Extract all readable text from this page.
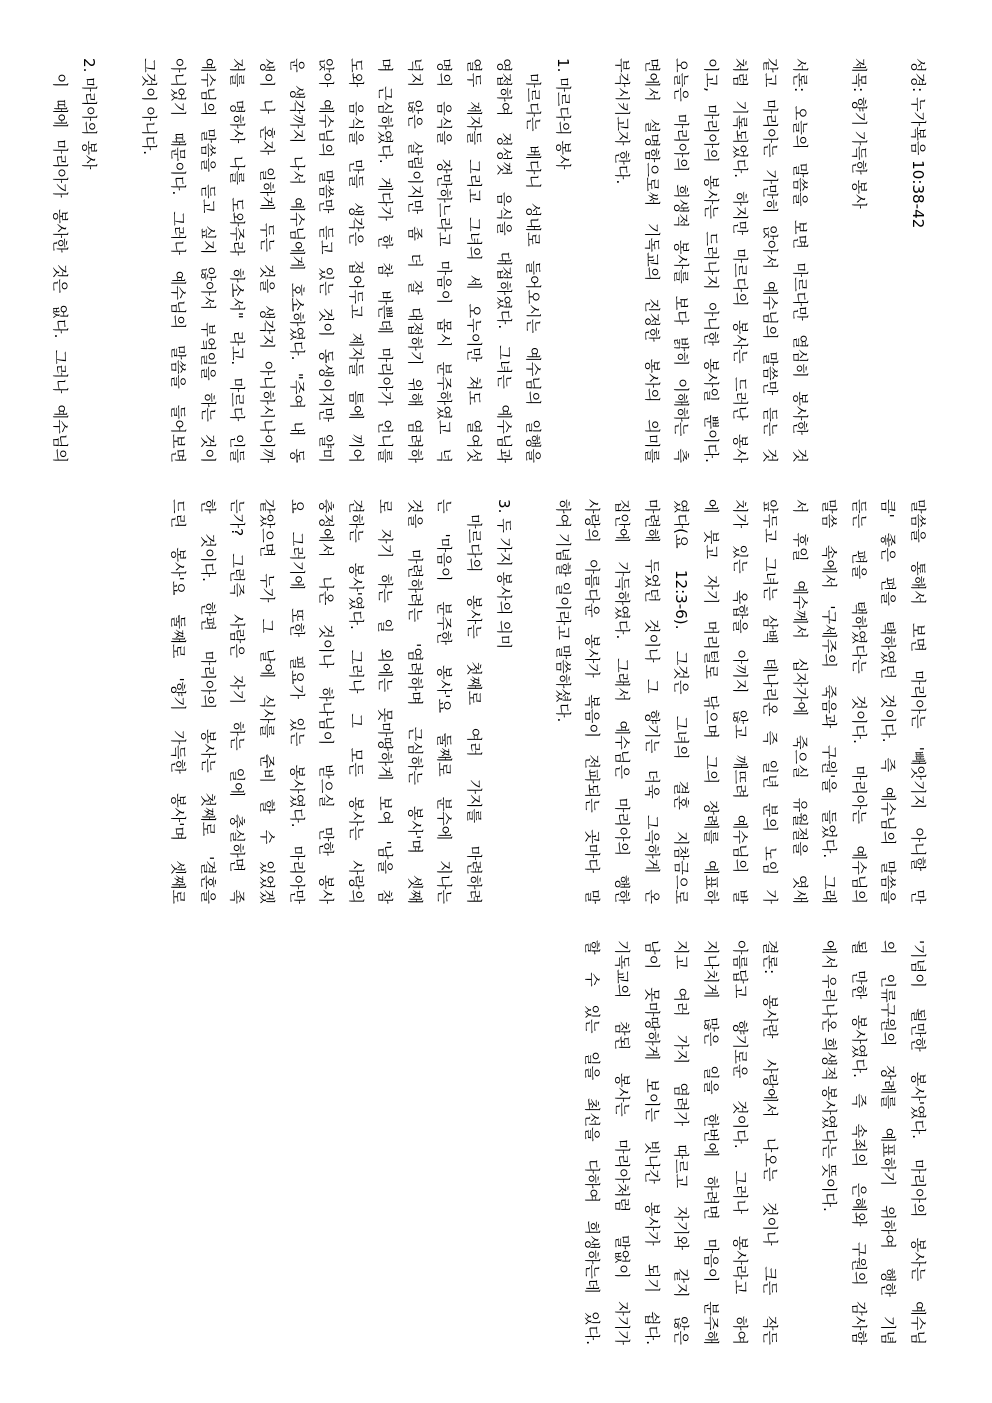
성경: 누가복음 10:38-42
제목: 향기 가득한 봉사
서론: 오늘의 말씀을 보면 마르다만 열심히 봉사한 것
같고 마리아는 가만히 앉아서 예수님의 말씀만 듣는 것
처럼 기록되었다. 하지만 마르다의 봉사는 드러난 봉사
이고, 마리아의 봉사는 드러나지 아니한 봉사일 뿐이다.
오늘은 마리아의 희생적 봉사를 보다 밝히 이해하는 측
면에서 설명함으로써 기독교의 진정한 봉사의 의미를
부각시키고자 한다.
1. 마르다의 봉사
마르다는 베다니 성내로 들어오시는 예수님의 일행을
영접하여 정성껏 음식을 대접하였다. 그녀는 예수님과
열두 제자들 그리고 그녀의 세 오누이만 쳐도 열여섯
명의 음식을 장만하느라고 마음이 몹시 분주하였고 넉
넉지 않은 살림이지만 좀 더 잘 대접하기 위해 염려하
며 근심하였다. 게다가 한 참 바쁜데 마리아가 언니를
도와 음식을 만들 생각은 접어두고 제자들 틈에 끼어
앉아 예수님의 말씀만 듣고 있는 것이 동생이지만 얄미
운 생각까지 나서 예수님에게 호소하였다. "주여 내 동
생이 나 혼자 일하게 두는 것을 생각지 아니하시나이까
저를 명하사 나를 도와주라 하소서" 라고. 마르다 인들
예수님의 말씀을 듣고 싶지 않아서 부엌일을 하는 것이
아니었기 때문이다. 그러나 예수님의 말씀을 들어보면
그것이 아니다.
2. 마리아의 봉사
이 때에 마리아가 봉사한 것은 없다. 그러나 예수님의
말씀을 통해서 보면 마리아는 '빼앗기지 아니할 만
큼' 좋은 편을 택하였던 것이다. 즉 예수님의 말씀을
듣는 편을 택하였다는 것이다. 마리아는 예수님의
말씀 속에서 '구세주의 죽음과 구원'을 들었다. 그래
서 후일 예수께서 십자가에 죽으실 유월절을 엿새
앞두고 그녀는 삼백 데나리온 즉 일년 분의 노임 가
치가 있는 옥합을 아끼지 않고 깨뜨려 예수님의 발
에 붓고 자기 머리털로 닦으며 그의 장례를 예표하
였다(요 12:3-6). 그것은 그녀의 결혼 지참금으로
마련해 두었던 것이나 그 향기는 더욱 그윽하게 온
집안에 가득하였다. 그래서 예수님은 마리아의 행한
사랑의 아름다운 봉사가 복음이 전파되는 곳마다 말
하여 기념할 일이라고 말씀하셨다.
3. 두 가지 봉사의 의미
마르다의 봉사는 첫째로 여러 가지를 마련하려
는 '마음이 분주한 봉사'요 둘째로 분수에 지나는
것을 마련하려는 '염려하며 근심하는 봉사'며 셋째
로 자기 하는 일 외에는 못마땅하게 보여 '남을 참
견하는 봉사'였다. 그러나 그 모든 봉사는 사랑의
충정에서 나온 것이나 하나님이 받으실 만한 봉사
요 그러기에 또한 필요가 있는 봉사였다. 마리아만
같았으면 누가 그 날에 식사를 준비 할 수 있었겠
는가? 그런즉 사람은 자기 하는 일에 충실하면 족
한 것이다. 한편 마리아의 봉사는 첫째로 '결혼을
드린 봉사'요 둘째로 '향기 가득한 봉사'며 셋째로
'기념이 될만한 봉사'였다. 마리아의 봉사는 예수님
의 인류구원의 장례를 예표하기 위하여 행한 기념
될 만한 봉사였다. 즉 속죄의 은혜와 구원의 감사함
에서 우러나온 희생적 봉사였다는 뜻이다.
결론: 봉사란 사랑에서 나오는 것이나 크든 작든
아름답고 향기로운 것이다. 그러나 봉사라고 하여
지나치게 많은 일을 한번에 하려면 마음이 분주해
지고 여러 가지 염려가 따르고 자기와 같지 않은
남이 못마땅하게 보이는 빗나간 봉사가 되기 쉽다.
기독교의 참된 봉사는 마리아처럼 말없이 자기가
할 수 있는 일을 최선을 다하여 희생하는데 있다.
